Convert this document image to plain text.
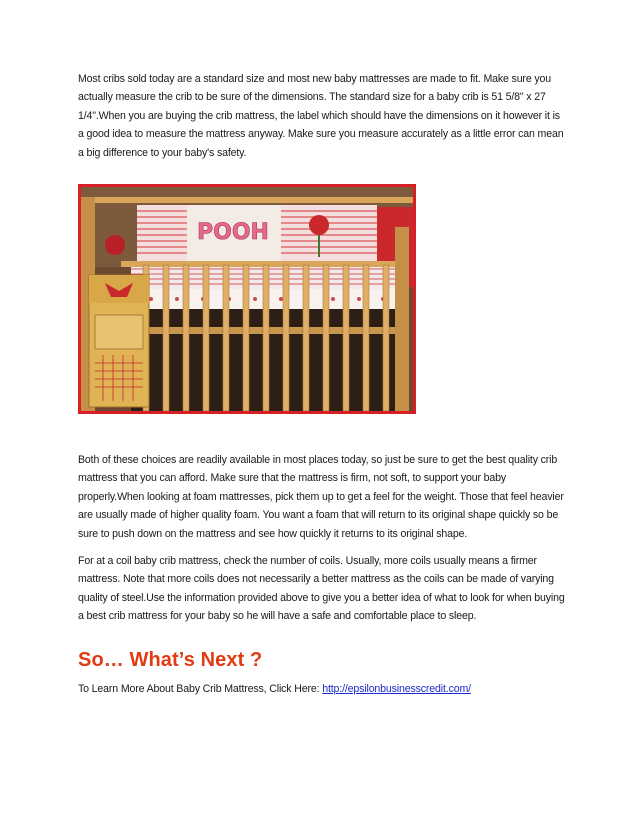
Most cribs sold today are a standard size and most new baby mattresses are made to fit. Make sure you actually measure the crib to be sure of the dimensions. The standard size for a baby crib is 51 5/8" x 27 1/4".When you are buying the crib mattress, the label which should have the dimensions on it however it is a good idea to measure the mattress anyway. Make sure you measure accurately as a little error can mean a big difference to your baby's safety.

POOH

Both of these choices are readily available in most places today, so just be sure to get the best quality crib mattress that you can afford. Make sure that the mattress is firm, not soft, to support your baby properly.When looking at foam mattresses, pick them up to get a feel for the weight. Those that feel heavier are usually made of higher quality foam. You want a foam that will return to its original shape quickly so be sure to push down on the mattress and see how quickly it returns to its original shape.

For at a coil baby crib mattress, check the number of coils. Usually, more coils usually means a firmer mattress. Note that more coils does not necessarily a better mattress as the coils can be made of varying quality of steel.Use the information provided above to give you a better idea of what to look for when buying a best crib mattress for your baby so he will have a safe and comfortable place to sleep.

So… What’s Next ?
To Learn More About Baby Crib Mattress, Click Here: http://epsilonbusinesscredit.com/
